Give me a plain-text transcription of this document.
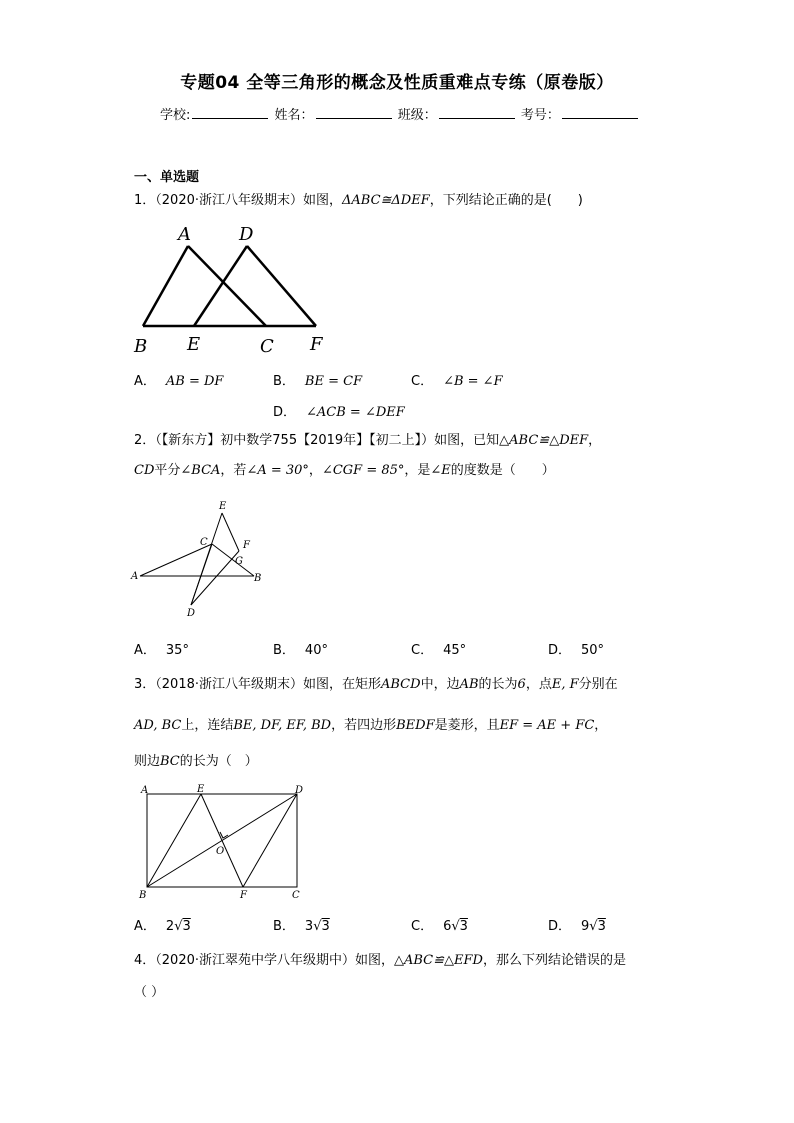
专题04 全等三角形的概念及性质重难点专练（原卷版）
学校:	姓名：	班级：	考号：
一、单选题
1．（2020·浙江八年级期末）如图，ΔABC≅ΔDEF，下列结论正确的是(　　)
A	D
B E	C F
A． AB = DF	B． BE = CF	C． ∠B = ∠F
D． ∠ACB = ∠DEF
2．（【新东方】初中数学755【2019年】【初二上】）如图，已知△ABC≌△DEF，
CD平分∠BCA，若∠A = 30°，∠CGF = 85°，是∠E的度数是（　　）
E
C	F
G
A	B
D
A． 35°	B． 40°	C． 45°	D． 50°
3．（2018·浙江八年级期末）如图，在矩形ABCD中，边AB的长为6，点E, F分别在
AD, BC上，连结BE, DF, EF, BD，若四边形BEDF是菱形，且EF = AE + FC，
则边BC的长为（　）
A	E	D
O
B	F	C
A． 2√3	B． 3√3	C． 6√3	D． 9√3
4．（2020·浙江翠苑中学八年级期中）如图，△ABC≌△EFD，那么下列结论错误的是
（ ）
